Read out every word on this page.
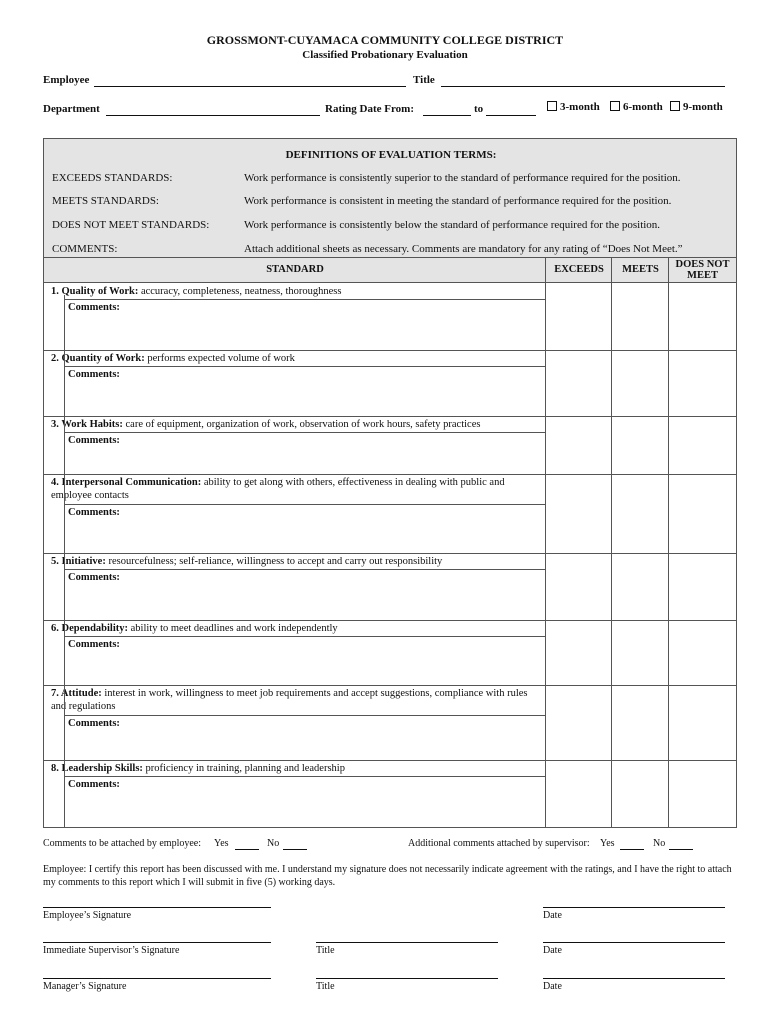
GROSSMONT-CUYAMACA COMMUNITY COLLEGE DISTRICT
Classified Probationary Evaluation
Employee	Title
Department	Rating Date From:	to	3-month	6-month	9-month
DEFINITIONS OF EVALUATION TERMS:
EXCEEDS STANDARDS:	Work performance is consistently superior to the standard of performance required for the position.
MEETS STANDARDS:	Work performance is consistent in meeting the standard of performance required for the position.
DOES NOT MEET STANDARDS:	Work performance is consistently below the standard of performance required for the position.
COMMENTS:	Attach additional sheets as necessary. Comments are mandatory for any rating of “Does Not Meet.”
STANDARD	EXCEEDS	MEETS	DOES NOT MEET
1. Quality of Work: accuracy, completeness, neatness, thoroughness
Comments:
2. Quantity of Work: performs expected volume of work
Comments:
3. Work Habits: care of equipment, organization of work, observation of work hours, safety practices
Comments:
4. Interpersonal Communication: ability to get along with others, effectiveness in dealing with public and employee contacts
Comments:
5. Initiative: resourcefulness; self-reliance, willingness to accept and carry out responsibility
Comments:
6. Dependability: ability to meet deadlines and work independently
Comments:
7. Attitude: interest in work, willingness to meet job requirements and accept suggestions, compliance with rules and regulations
Comments:
8. Leadership Skills: proficiency in training, planning and leadership
Comments:
Comments to be attached by employee: Yes	No	Additional comments attached by supervisor: Yes	No
Employee: I certify this report has been discussed with me. I understand my signature does not necessarily indicate agreement with the ratings, and I have the right to attach my comments to this report which I will submit in five (5) working days.
Employee’s Signature	Date
Immediate Supervisor’s Signature	Title	Date
Manager’s Signature	Title	Date
